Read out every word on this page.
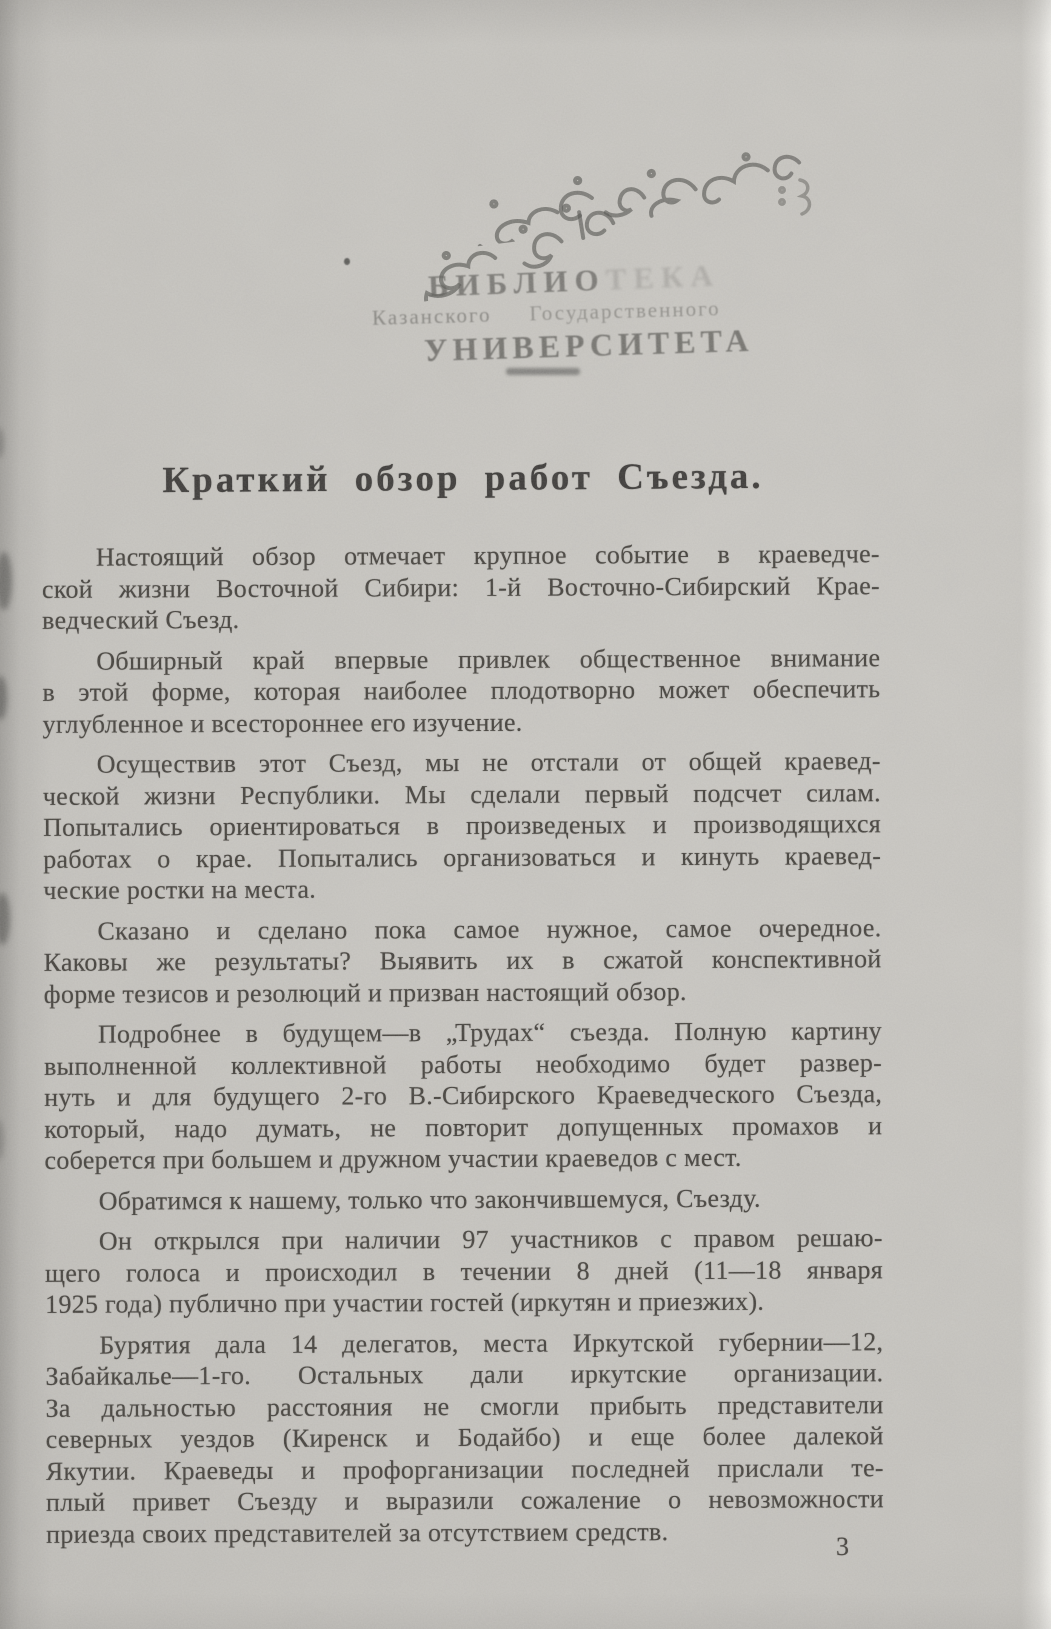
БИБЛИОТЕКА
Казанского Государственного
УНИВЕРСИТЕТА
Краткий обзор работ Съезда.
Настоящий обзор отмечает крупное событие в краеведче-
ской жизни Восточной Сибири: 1-й Восточно-Сибирский Крае-
ведческий Съезд.
Обширный край впервые привлек общественное внимание
в этой форме, которая наиболее плодотворно может обеспечить
углубленное и всестороннее его изучение.
Осуществив этот Съезд, мы не отстали от общей краевед-
ческой жизни Республики. Мы сделали первый подсчет силам.
Попытались ориентироваться в произведеных и производящихся
работах о крае. Попытались организоваться и кинуть краевед-
ческие ростки на места.
Сказано и сделано пока самое нужное, самое очередное.
Каковы же результаты? Выявить их в сжатой конспективной
форме тезисов и резолюций и призван настоящий обзор.
Подробнее в будущем—в „Трудах“ съезда. Полную картину
выполненной коллективной работы необходимо будет развер-
нуть и для будущего 2-го В.-Сибирского Краеведческого Съезда,
который, надо думать, не повторит допущенных промахов и
соберется при большем и дружном участии краеведов с мест.
Обратимся к нашему, только что закончившемуся, Съезду.
Он открылся при наличии 97 участников с правом решаю-
щего голоса и происходил в течении 8 дней (11—18 января
1925 года) публично при участии гостей (иркутян и приезжих).
Бурятия дала 14 делегатов, места Иркутской губернии—12,
Забайкалье—1-го. Остальных дали иркутские организации.
За дальностью расстояния не смогли прибыть представители
северных уездов (Киренск и Бодайбо) и еще более далекой
Якутии. Краеведы и профорганизации последней прислали те-
плый привет Съезду и выразили сожаление о невозможности
приезда своих представителей за отсутствием средств.	3
